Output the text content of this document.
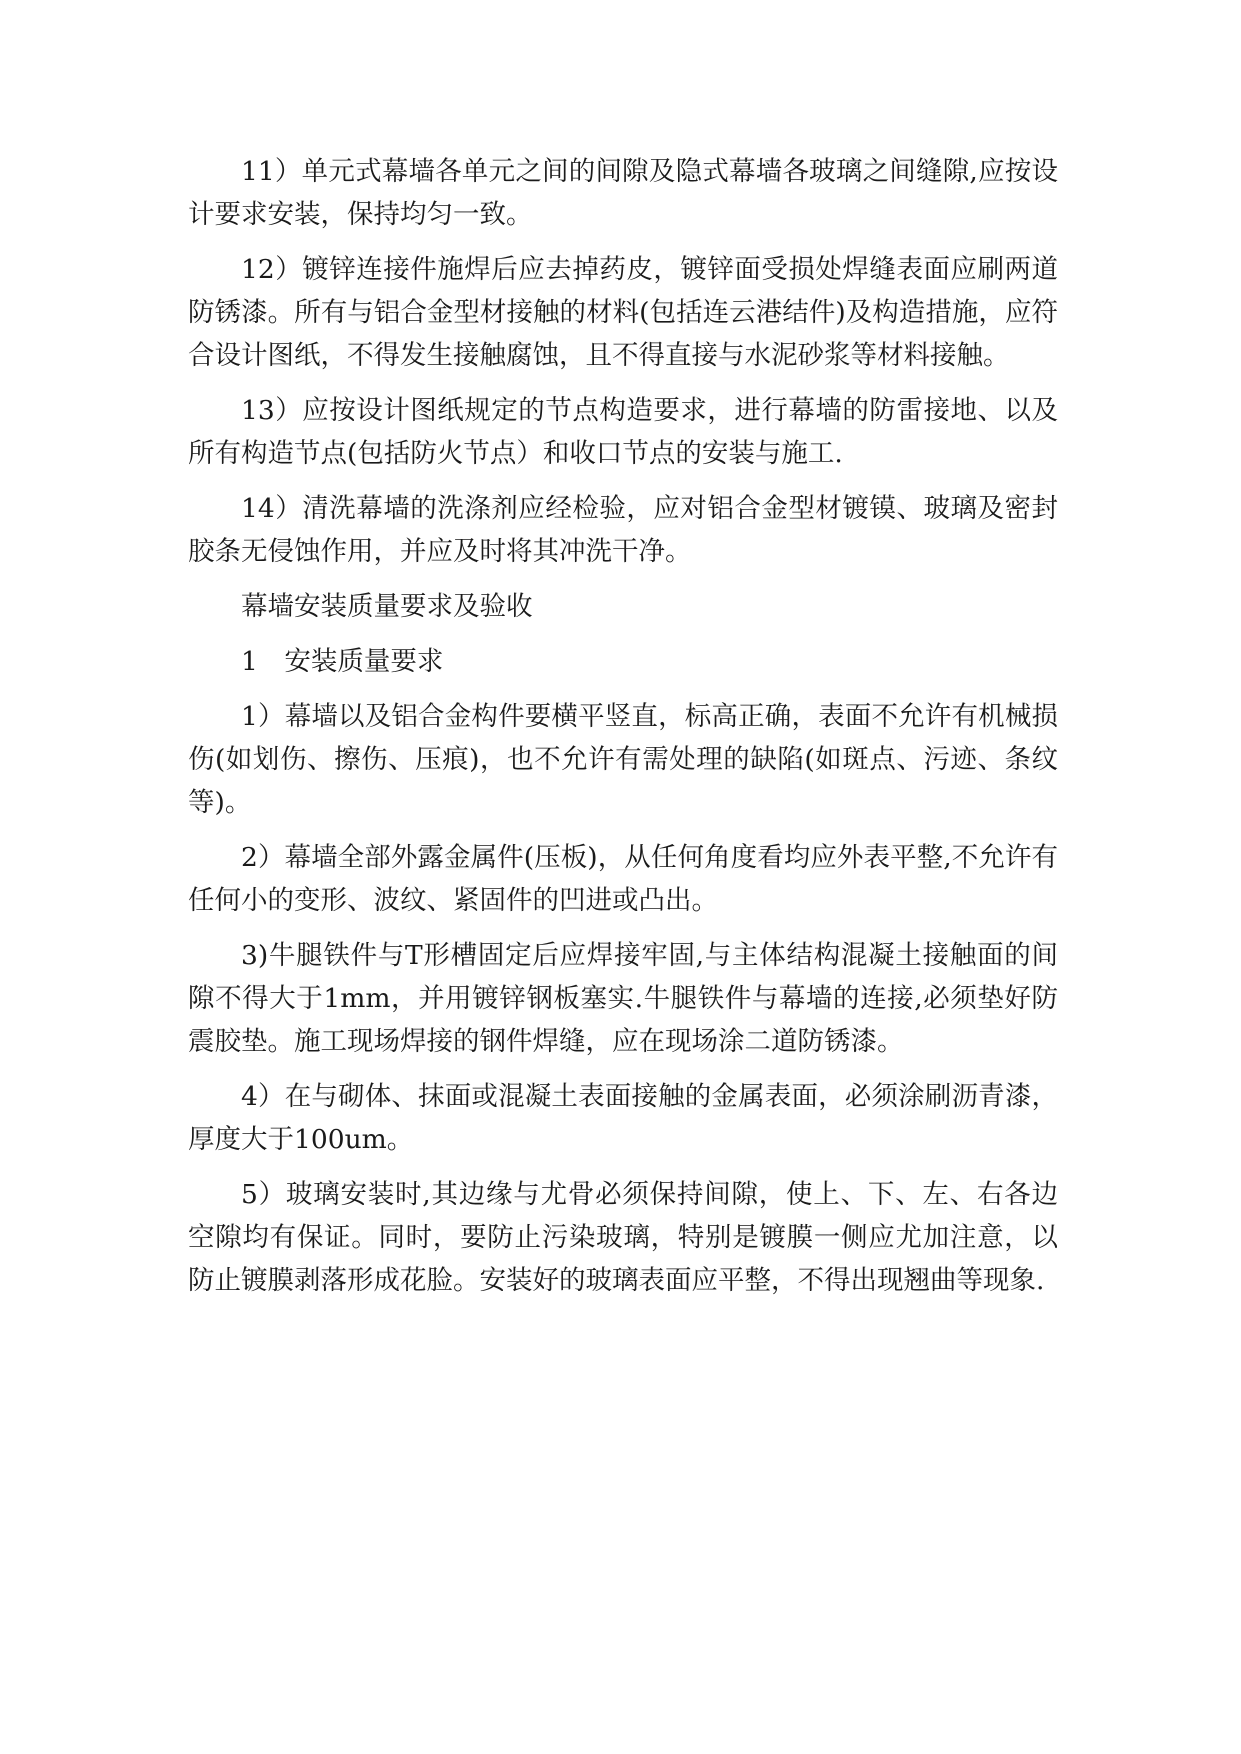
11）单元式幕墙各单元之间的间隙及隐式幕墙各玻璃之间缝隙,应按设计要求安装，保持均匀一致。

12）镀锌连接件施焊后应去掉药皮，镀锌面受损处焊缝表面应刷两道防锈漆。所有与铝合金型材接触的材料(包括连云港结件)及构造措施，应符合设计图纸，不得发生接触腐蚀，且不得直接与水泥砂浆等材料接触。

13）应按设计图纸规定的节点构造要求，进行幕墙的防雷接地、以及所有构造节点(包括防火节点）和收口节点的安装与施工.

14）清洗幕墙的洗涤剂应经检验，应对铝合金型材镀镆、玻璃及密封胶条无侵蚀作用，并应及时将其冲洗干净。

幕墙安装质量要求及验收

1　安装质量要求

1）幕墙以及铝合金构件要横平竖直，标高正确，表面不允许有机械损伤(如划伤、擦伤、压痕)，也不允许有需处理的缺陷(如斑点、污迹、条纹等)。

2）幕墙全部外露金属件(压板)，从任何角度看均应外表平整,不允许有任何小的变形、波纹、紧固件的凹进或凸出。

3)牛腿铁件与T形槽固定后应焊接牢固,与主体结构混凝土接触面的间隙不得大于1mm，并用镀锌钢板塞实.牛腿铁件与幕墙的连接,必须垫好防震胶垫。施工现场焊接的钢件焊缝，应在现场涂二道防锈漆。

4）在与砌体、抹面或混凝土表面接触的金属表面，必须涂刷沥青漆，厚度大于100um。

5）玻璃安装时,其边缘与尤骨必须保持间隙，使上、下、左、右各边空隙均有保证。同时，要防止污染玻璃，特别是镀膜一侧应尤加注意，以防止镀膜剥落形成花脸。安装好的玻璃表面应平整，不得出现翘曲等现象.
